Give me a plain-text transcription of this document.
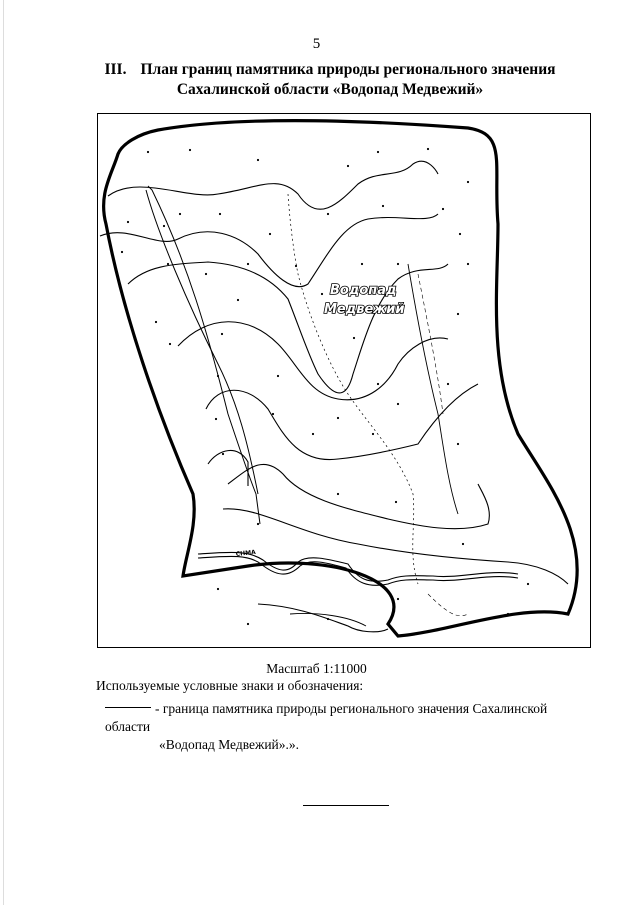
5
III. План границ памятника природы регионального значения
Сахалинской области «Водопад Медвежий»
Водопад
Медвежий
СНМА
Масштаб 1:11000
Используемые условные знаки и обозначения:
- граница памятника природы регионального значения Сахалинской области
«Водопад Медвежий».».
